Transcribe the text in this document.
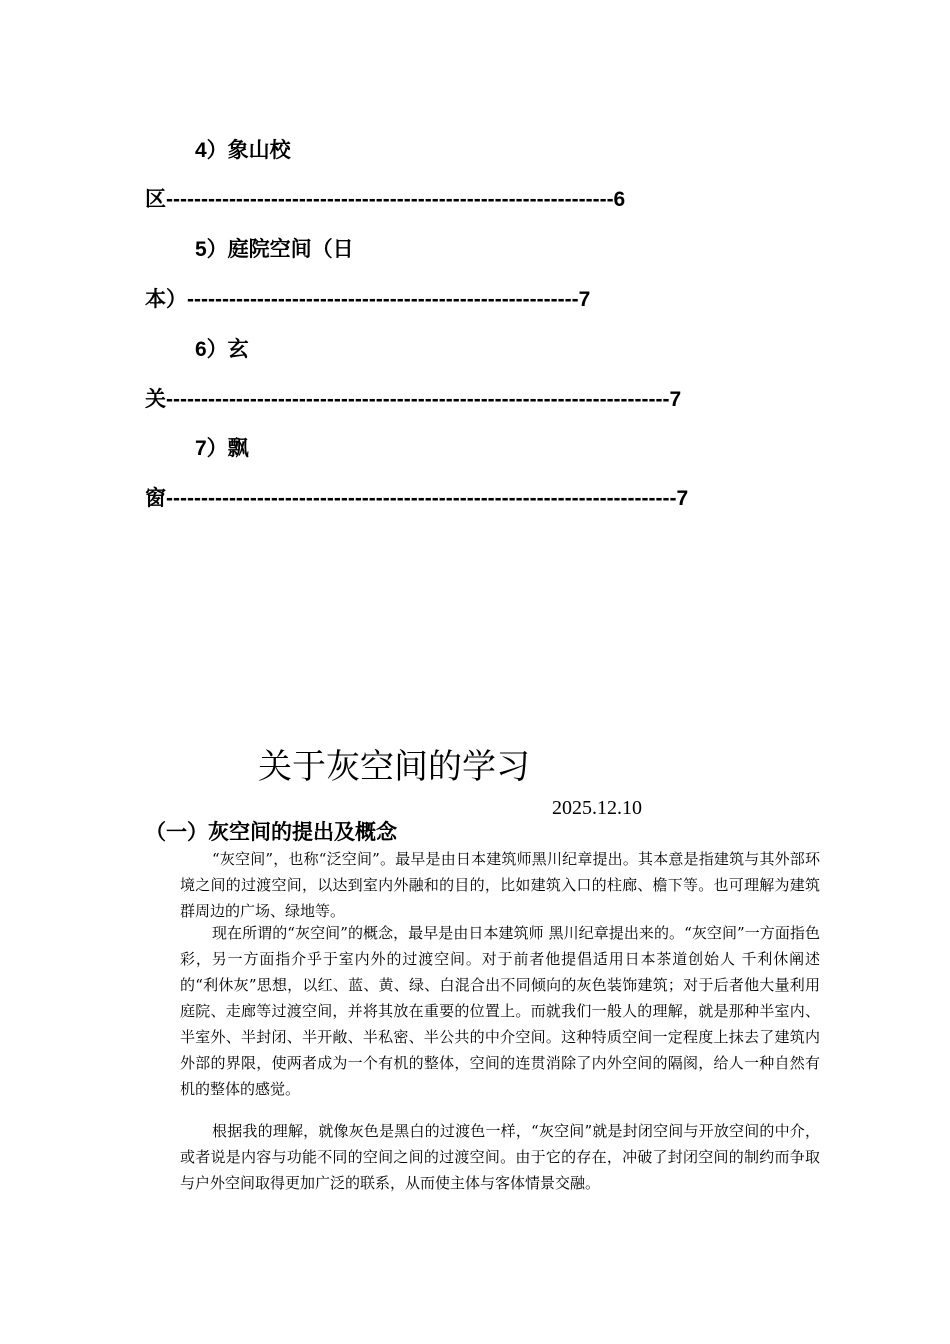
4）象山校
区----------------------------------------------------------------6
5）庭院空间（日
本）--------------------------------------------------------7
6）玄
关------------------------------------------------------------------------7
7）飘
窗-------------------------------------------------------------------------7
关于灰空间的学习
2025.12.10
（一）灰空间的提出及概念

“灰空间”，也称“泛空间”。最早是由日本建筑师黑川纪章提出。其本意是指建筑与其外部环境之间的过渡空间，以达到室内外融和的目的，比如建筑入口的柱廊、檐下等。也可理解为建筑群周边的广场、绿地等。

现在所谓的“灰空间”的概念，最早是由日本建筑师 黑川纪章提出来的。“灰空间”一方面指色彩，另一方面指介乎于室内外的过渡空间。对于前者他提倡适用日本茶道创始人 千利休阐述的“利休灰”思想，以红、蓝、黄、绿、白混合出不同倾向的灰色装饰建筑；对于后者他大量利用庭院、走廊等过渡空间，并将其放在重要的位置上。而就我们一般人的理解，就是那种半室内、半室外、半封闭、半开敞、半私密、半公共的中介空间。这种特质空间一定程度上抹去了建筑内外部的界限，使两者成为一个有机的整体，空间的连贯消除了内外空间的隔阂，给人一种自然有机的整体的感觉。

根据我的理解，就像灰色是黑白的过渡色一样，“灰空间”就是封闭空间与开放空间的中介，或者说是内容与功能不同的空间之间的过渡空间。由于它的存在，冲破了封闭空间的制约而争取与户外空间取得更加广泛的联系，从而使主体与客体情景交融。
